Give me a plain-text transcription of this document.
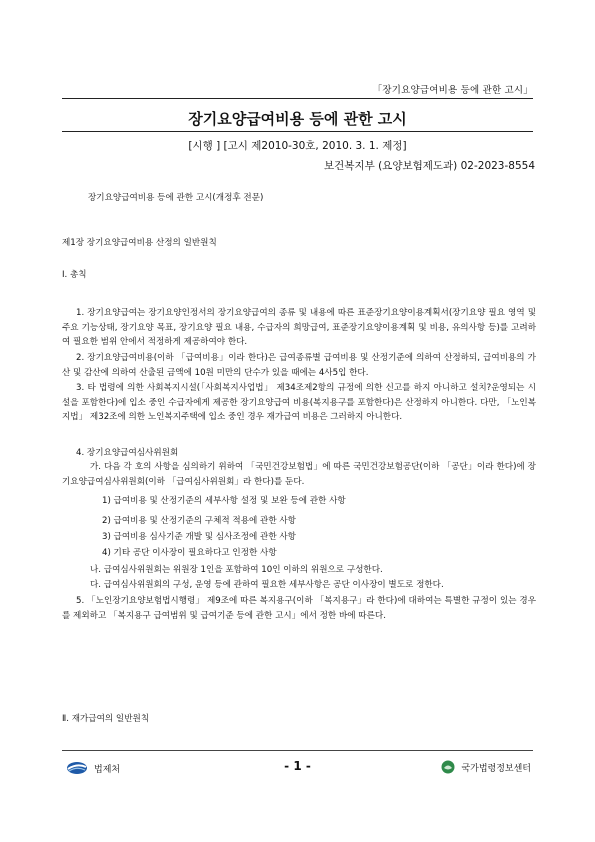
「장기요양급여비용 등에 관한 고시」
장기요양급여비용 등에 관한 고시
[시행 ] [고시 제2010-30호, 2010. 3. 1. 제정]
보건복지부 (요양보험제도과) 02-2023-8554
장기요양급여비용 등에 관한 고시(개정후 전문)
제1장 장기요양급여비용 산정의 일반원칙
Ⅰ. 총칙
1. 장기요양급여는 장기요양인정서의 장기요양급여의 종류 및 내용에 따른 표준장기요양이용계획서(장기요양 필요 영역 및 주요 기능상태, 장기요양 목표, 장기요양 필요 내용, 수급자의 희망급여, 표준장기요양이용계획 및 비용, 유의사항 등)를 고려하여 필요한 범위 안에서 적정하게 제공하여야 한다.
2. 장기요양급여비용(이하 「급여비용」이라 한다)은 급여종류별 급여비용 및 산정기준에 의하여 산정하되, 급여비용의 가산 및 감산에 의하여 산출된 금액에 10원 미만의 단수가 있을 때에는 4사5입 한다.
3. 타 법령에 의한 사회복지시설(「사회복지사업법」 제34조제2항의 규정에 의한 신고를 하지 아니하고 설치?운영되는 시설을 포함한다)에 입소 중인 수급자에게 제공한 장기요양급여 비용(복지용구를 포함한다)은 산정하지 아니한다. 다만, 「노인복지법」 제32조에 의한 노인복지주택에 입소 중인 경우 재가급여 비용은 그러하지 아니한다.
4. 장기요양급여심사위원회
가. 다음 각 호의 사항을 심의하기 위하여 「국민건강보험법」에 따른 국민건강보험공단(이하 「공단」이라 한다)에 장기요양급여심사위원회(이하 「급여심사위원회」라 한다)를 둔다.
1) 급여비용 및 산정기준의 세부사항 설정 및 보완 등에 관한 사항
2) 급여비용 및 산정기준의 구체적 적용에 관한 사항
3) 급여비용 심사기준 개발 및 심사조정에 관한 사항
4) 기타 공단 이사장이 필요하다고 인정한 사항
나. 급여심사위원회는 위원장 1인을 포함하여 10인 이하의 위원으로 구성한다.
다. 급여심사위원회의 구성, 운영 등에 관하여 필요한 세부사항은 공단 이사장이 별도로 정한다.
5. 「노인장기요양보험법시행령」 제9조에 따른 복지용구(이하 「복지용구」라 한다)에 대하여는 특별한 규정이 있는 경우를 제외하고 「복지용구 급여범위 및 급여기준 등에 관한 고시」에서 정한 바에 따른다.
Ⅱ. 재가급여의 일반원칙
법제처	- 1 -	국가법령정보센터
